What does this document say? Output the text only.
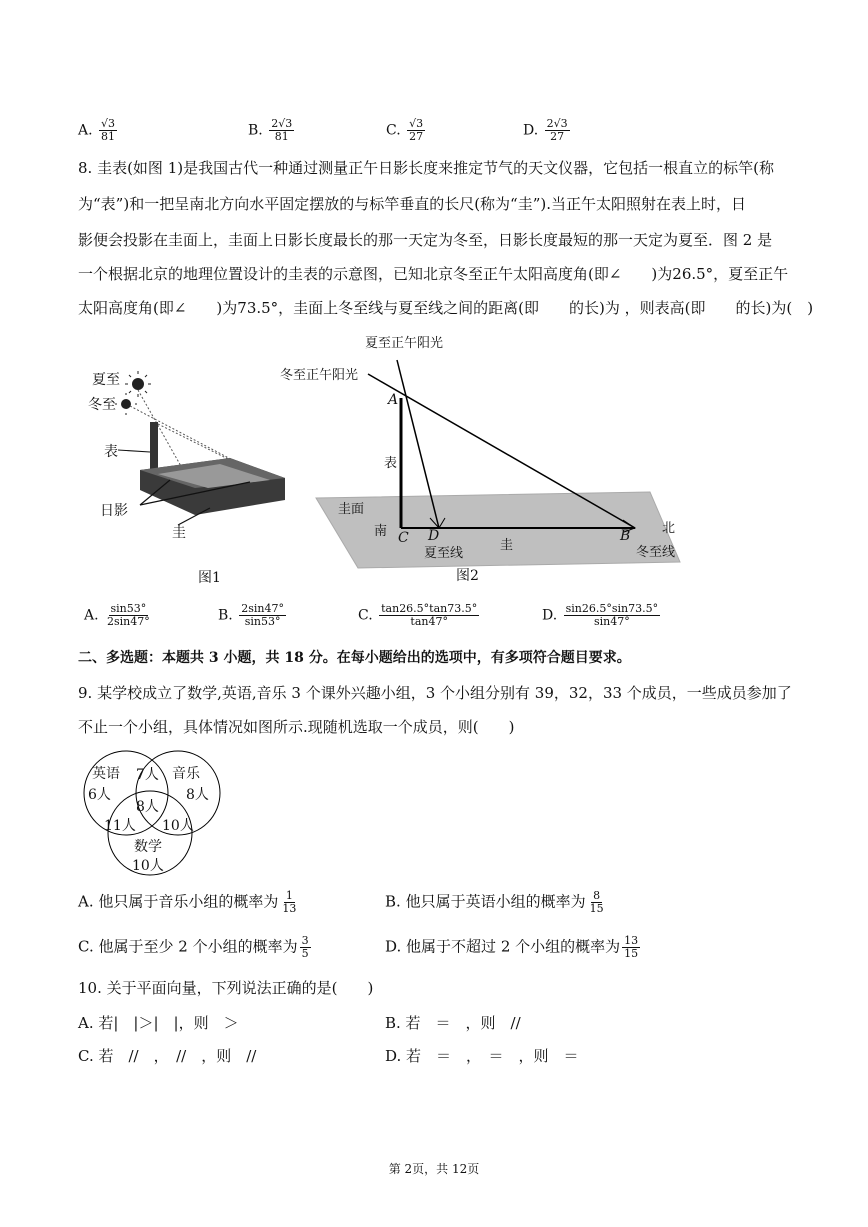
A. $\frac{√3}{81}$	B. $\frac{2√3}{81}$	C. $\frac{√3}{27}$	D. $\frac{2√3}{27}$
8. 圭表(如图 1)是我国古代一种通过测量正午日影长度来推定节气的天文仪器，它包括一根直立的标竿(称
为“表”)和一把呈南北方向水平固定摆放的与标竿垂直的长尺(称为“圭”).当正午太阳照射在表上时，日
影便会投影在圭面上，圭面上日影长度最长的那一天定为冬至，日影长度最短的那一天定为夏至．图 2 是
一个根据北京的地理位置设计的圭表的示意图，已知北京冬至正午太阳高度角(即∠　　)为26.5°，夏至正午
太阳高度角(即∠　　)为73.5°，圭面上冬至线与夏至线之间的距离(即　　的长)为 ，则表高(即　　的长)为(　)
夏至
冬至
表
日影
圭
图1
夏至正午阳光
冬至正午阳光
A
表
圭面
南 C D
夏至线
圭
B 北
冬至线
图2
A. $\frac{\sin 53^\circ}{2\sin 47^\circ}$	B. $\frac{2\sin 47^\circ}{\sin 53^\circ}$	C. $\frac{\tan 26.5^\circ\tan 73.5^\circ}{\tan 47^\circ}$	D. $\frac{\sin 26.5^\circ\sin 73.5^\circ}{\sin 47^\circ}$
二、多选题：本题共 3 小题，共 18 分。在每小题给出的选项中，有多项符合题目要求。
9. 某学校成立了数学,英语,音乐 3 个课外兴趣小组，3 个小组分别有 39，32，33 个成员，一些成员参加了
不止一个小组，具体情况如图所示.现随机选取一个成员，则(　　)
英语
6人
7人 音乐
8人
8人
11人 10人
数学
10人
A. 他只属于音乐小组的概率为 $\frac{1}{13}$	B. 他只属于英语小组的概率为 $\frac{8}{15}$
C. 他属于至少 2 个小组的概率为 $\frac{3}{5}$	D. 他属于不超过 2 个小组的概率为 $\frac{13}{15}$
10. 关于平面向量，下列说法正确的是(　　)
A. 若|　|＞|　|，则　＞	B. 若　＝　，则　//
C. 若　//　，　//　，则　//	D. 若　＝　，　＝　，则　＝
第 2页，共 12页
